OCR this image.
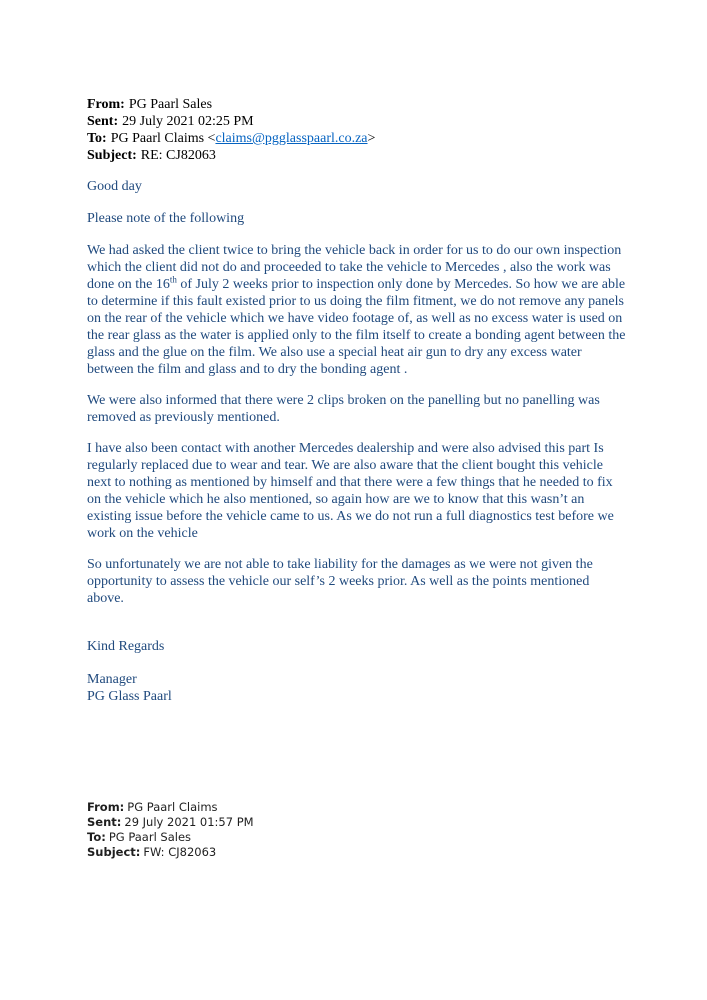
From: PG Paarl Sales
Sent: 29 July 2021 02:25 PM
To: PG Paarl Claims <claims@pgglasspaarl.co.za>
Subject: RE: CJ82063

Good day

Please note of the following

We had asked the client twice to bring the vehicle back in order for us to do our own inspection which the client did not do and proceeded to take the vehicle to Mercedes , also the work was done on the 16th of July 2 weeks prior to inspection only done by Mercedes. So how we are able to determine if this fault existed prior to us doing the film fitment, we do not remove any panels on the rear of the vehicle which we have video footage of, as well as no excess water is used on the rear glass as the water is applied only to the film itself to create a bonding agent between the glass and the glue on the film. We also use a special heat air gun to dry any excess water between the film and glass and to dry the bonding agent .

We were also informed that there were 2 clips broken on the panelling but no panelling was removed as previously mentioned.

I have also been contact with another Mercedes dealership and were also advised this part Is regularly replaced due to wear and tear. We are also aware that the client bought this vehicle next to nothing as mentioned by himself and that there were a few things that he needed to fix on the vehicle which he also mentioned, so again how are we to know that this wasn’t an existing issue before the vehicle came to us. As we do not run a full diagnostics test before we work on the vehicle

So unfortunately we are not able to take liability for the damages as we were not given the opportunity to assess the vehicle our self’s 2 weeks prior. As well as the points mentioned above.

Kind Regards

Manager
PG Glass Paarl
From: PG Paarl Claims
Sent: 29 July 2021 01:57 PM
To: PG Paarl Sales
Subject: FW: CJ82063
